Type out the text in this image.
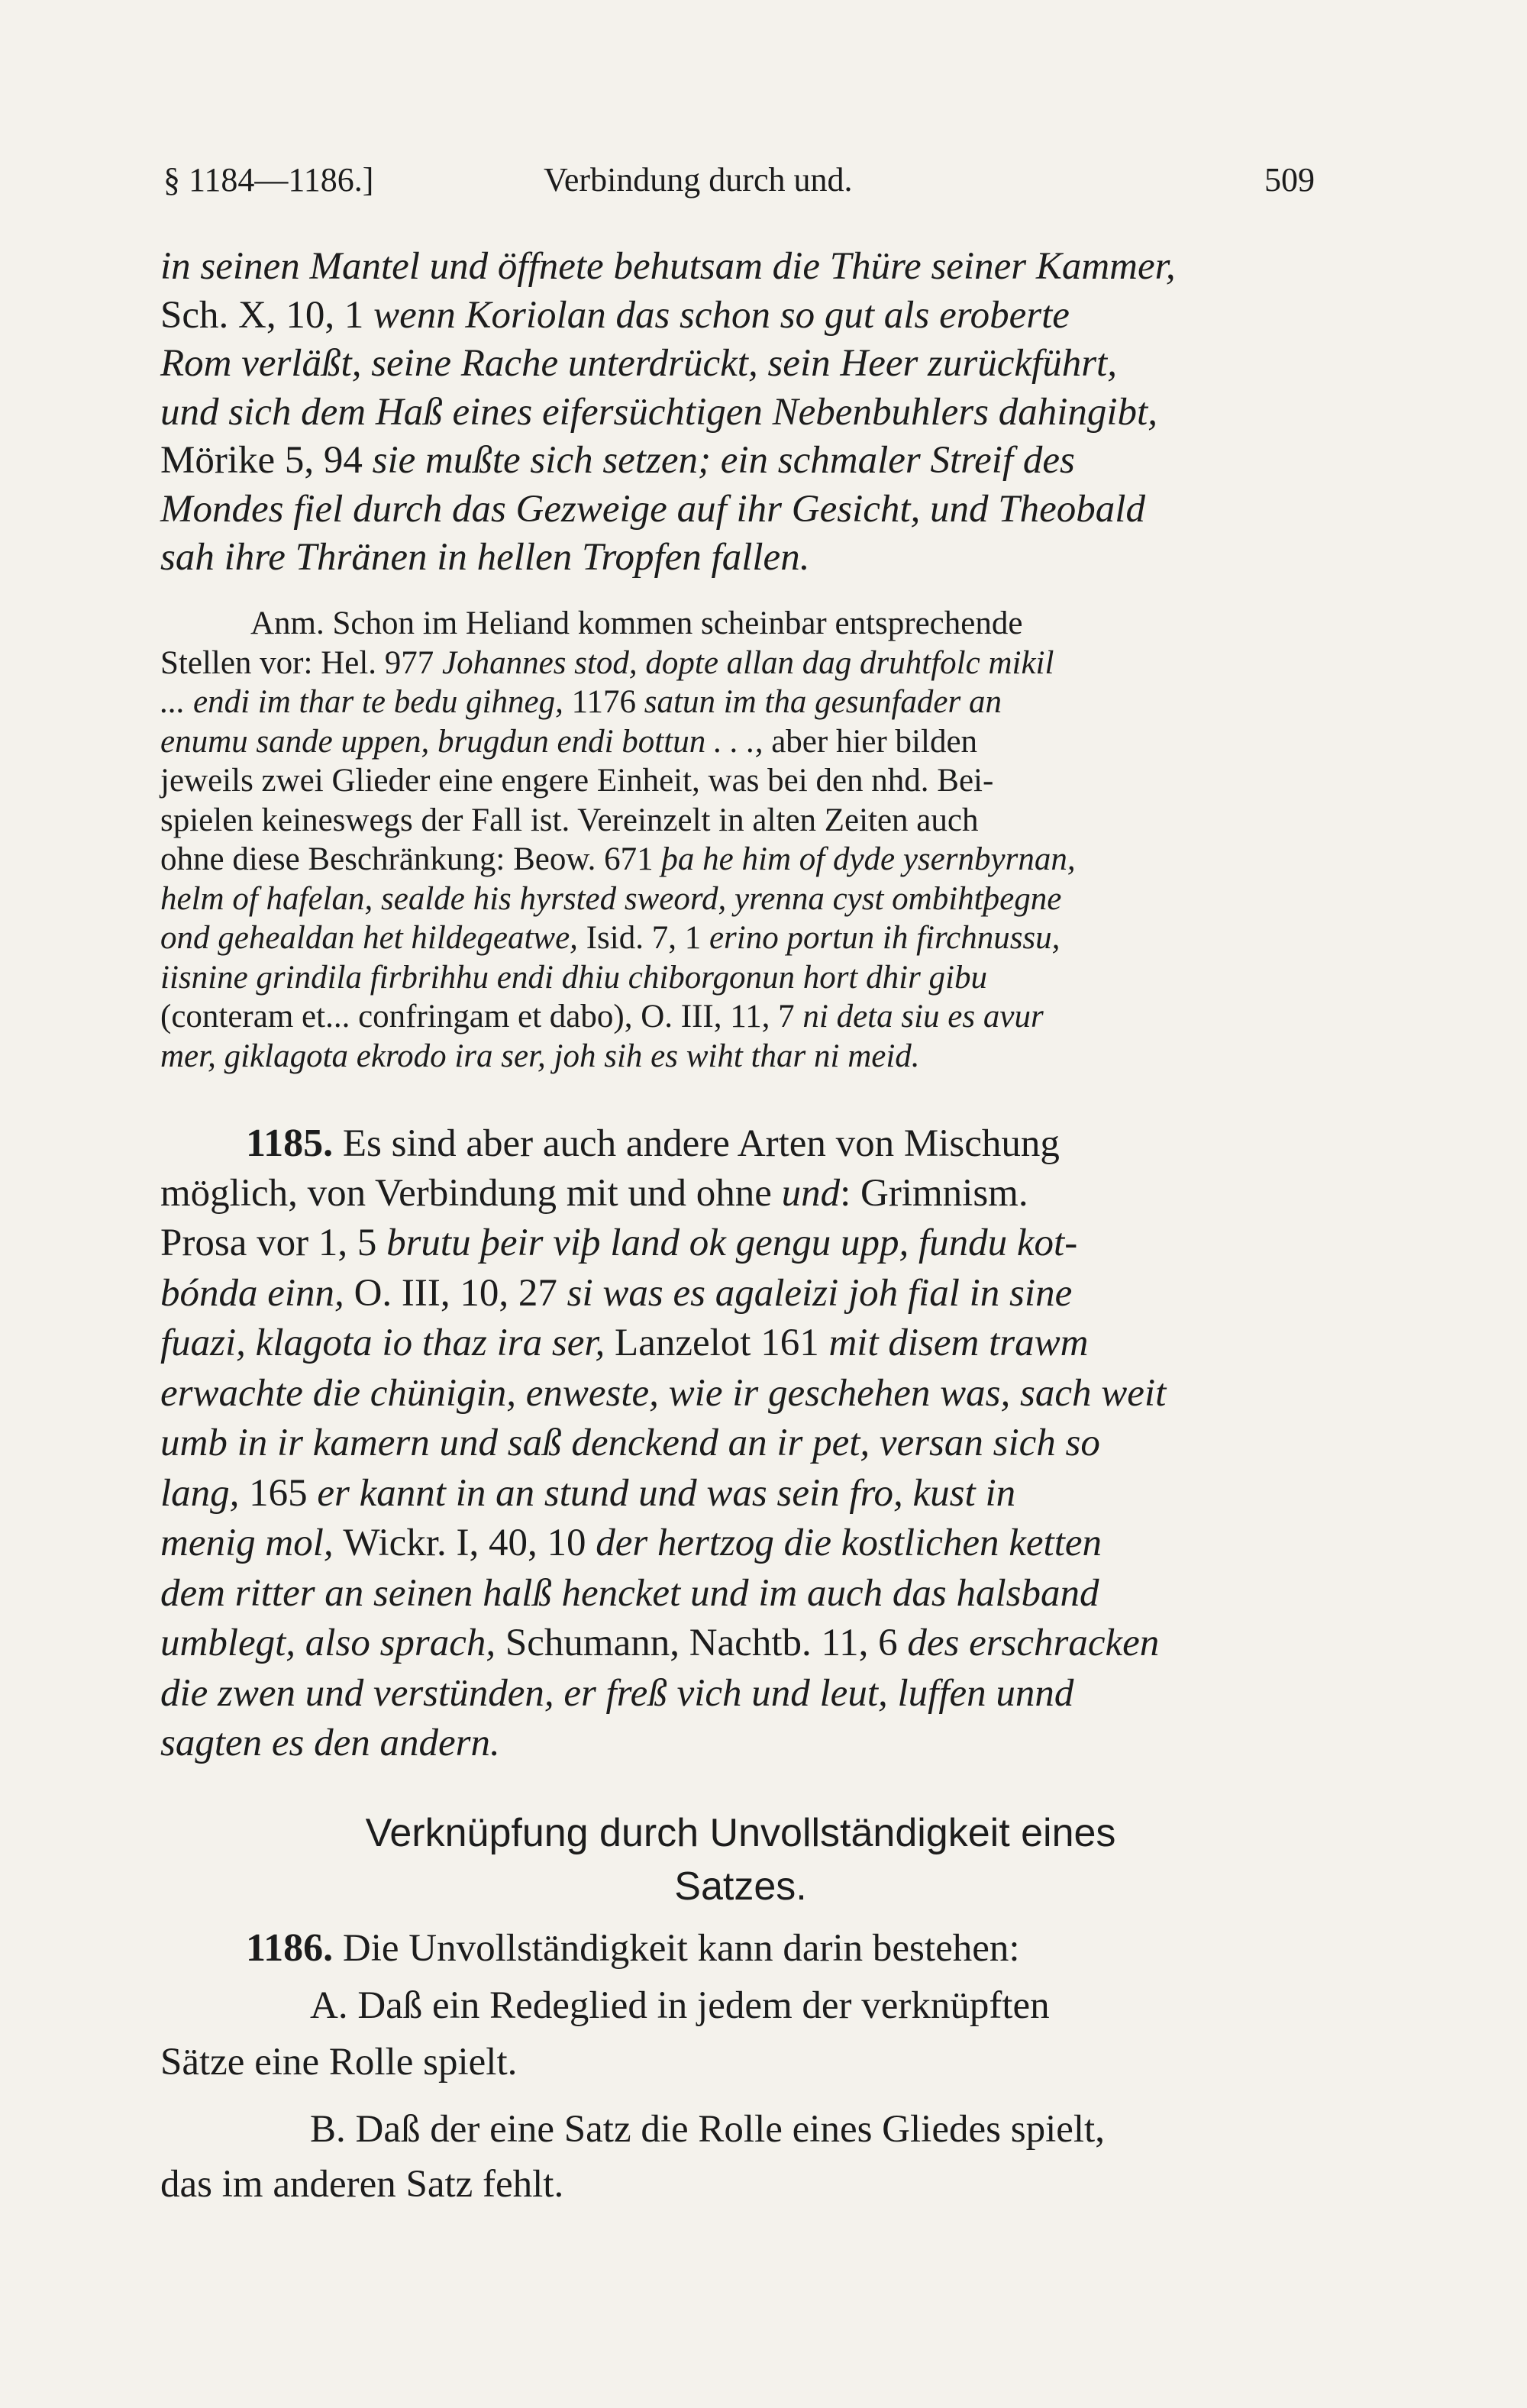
§ 1184—1186.]	Verbindung durch und.	509
in seinen Mantel und öffnete behutsam die Thüre seiner Kammer,
Sch. X, 10, 1 wenn Koriolan das schon so gut als eroberte
Rom verläßt, seine Rache unterdrückt, sein Heer zurückführt,
und sich dem Haß eines eifersüchtigen Nebenbuhlers dahingibt,
Mörike 5, 94 sie mußte sich setzen; ein schmaler Streif des
Mondes fiel durch das Gezweige auf ihr Gesicht, und Theobald
sah ihre Thränen in hellen Tropfen fallen.
Anm. Schon im Heliand kommen scheinbar entsprechende
Stellen vor: Hel. 977 Johannes stod, dopte allan dag druhtfolc mikil
... endi im thar te bedu gihneg, 1176 satun im tha gesunfader an
enumu sande uppen, brugdun endi bottun . . ., aber hier bilden
jeweils zwei Glieder eine engere Einheit, was bei den nhd. Bei-
spielen keineswegs der Fall ist. Vereinzelt in alten Zeiten auch
ohne diese Beschränkung: Beow. 671 þa he him of dyde ysernbyrnan,
helm of hafelan, sealde his hyrsted sweord, yrenna cyst ombihtþegne
ond gehealdan het hildegeatwe, Isid. 7, 1 erino portun ih firchnussu,
iisnine grindila firbrihhu endi dhiu chiborgonun hort dhir gibu
(conteram et... confringam et dabo), O. III, 11, 7 ni deta siu es avur
mer, giklagota ekrodo ira ser, joh sih es wiht thar ni meid.
1185. Es sind aber auch andere Arten von Mischung
möglich, von Verbindung mit und ohne und: Grimnism.
Prosa vor 1, 5 brutu þeir viþ land ok gengu upp, fundu kot-
bónda einn, O. III, 10, 27 si was es agaleizi joh fial in sine
fuazi, klagota io thaz ira ser, Lanzelot 161 mit disem trawm
erwachte die chünigin, enweste, wie ir geschehen was, sach weit
umb in ir kamern und saß denckend an ir pet, versan sich so
lang, 165 er kannt in an stund und was sein fro, kust in
menig mol, Wickr. I, 40, 10 der hertzog die kostlichen ketten
dem ritter an seinen halß hencket und im auch das halsband
umblegt, also sprach, Schumann, Nachtb. 11, 6 des erschracken
die zwen und verstünden, er freß vich und leut, luffen unnd
sagten es den andern.
Verknüpfung durch Unvollständigkeit eines
Satzes.
1186. Die Unvollständigkeit kann darin bestehen:
A. Daß ein Redeglied in jedem der verknüpften
Sätze eine Rolle spielt.
B. Daß der eine Satz die Rolle eines Gliedes spielt,
das im anderen Satz fehlt.
